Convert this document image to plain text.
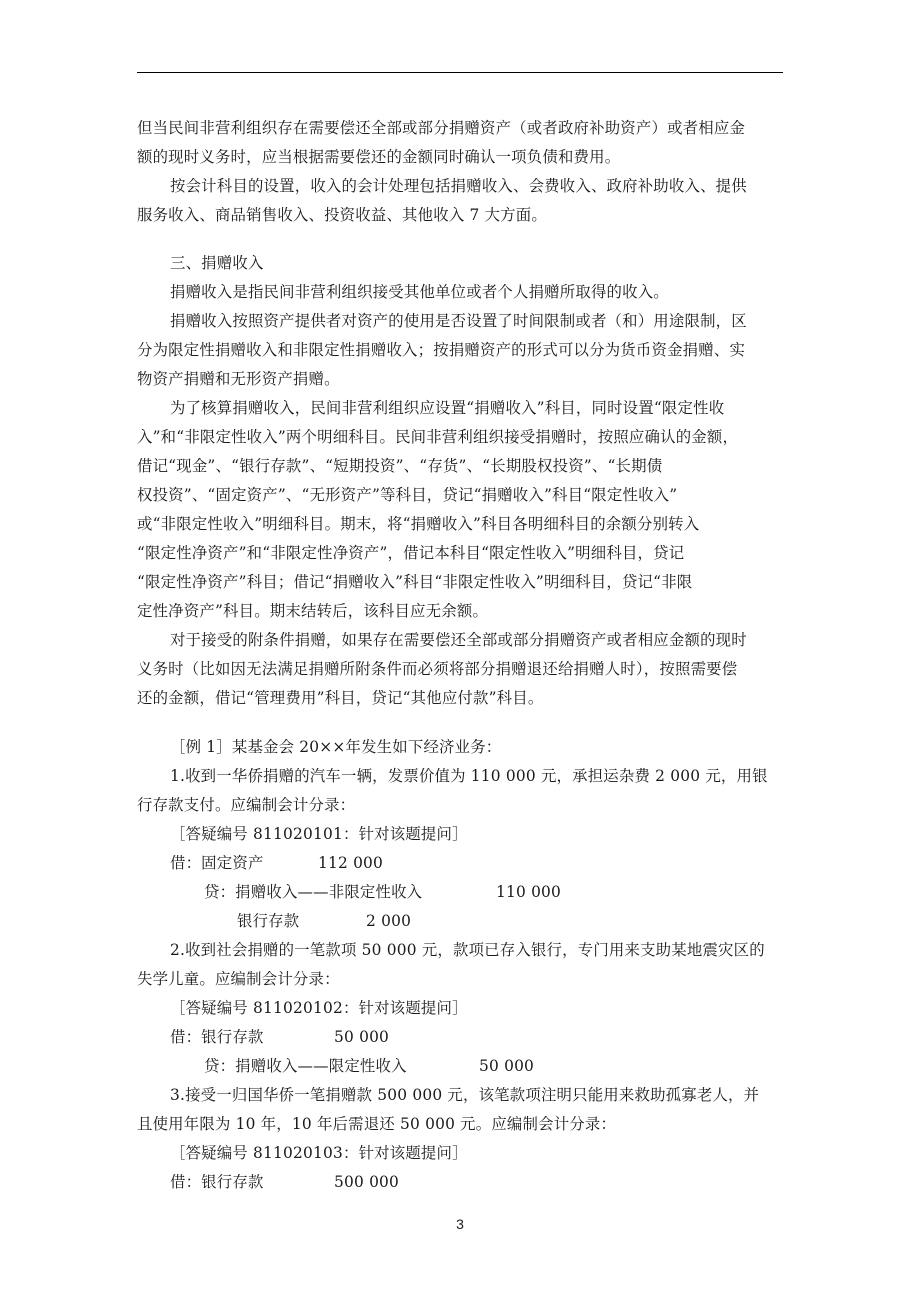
但当民间非营利组织存在需要偿还全部或部分捐赠资产（或者政府补助资产）或者相应金
额的现时义务时，应当根据需要偿还的金额同时确认一项负债和费用。
按会计科目的设置，收入的会计处理包括捐赠收入、会费收入、政府补助收入、提供
服务收入、商品销售收入、投资收益、其他收入 7 大方面。
三、捐赠收入
捐赠收入是指民间非营利组织接受其他单位或者个人捐赠所取得的收入。
捐赠收入按照资产提供者对资产的使用是否设置了时间限制或者（和）用途限制，区
分为限定性捐赠收入和非限定性捐赠收入；按捐赠资产的形式可以分为货币资金捐赠、实
物资产捐赠和无形资产捐赠。
为了核算捐赠收入，民间非营利组织应设置“捐赠收入”科目，同时设置“限定性收
入”和“非限定性收入”两个明细科目。民间非营利组织接受捐赠时，按照应确认的金额，
借记“现金”、“银行存款”、“短期投资”、“存货”、“长期股权投资”、“长期债
权投资”、“固定资产”、“无形资产”等科目，贷记“捐赠收入”科目“限定性收入”
或“非限定性收入”明细科目。期末，将“捐赠收入”科目各明细科目的余额分别转入
“限定性净资产”和“非限定性净资产”，借记本科目“限定性收入”明细科目，贷记
“限定性净资产”科目；借记“捐赠收入”科目“非限定性收入”明细科目，贷记“非限
定性净资产”科目。期末结转后，该科目应无余额。
对于接受的附条件捐赠，如果存在需要偿还全部或部分捐赠资产或者相应金额的现时
义务时（比如因无法满足捐赠所附条件而必须将部分捐赠退还给捐赠人时），按照需要偿
还的金额，借记“管理费用”科目，贷记“其他应付款”科目。
［例 1］某基金会 20××年发生如下经济业务：
1.收到一华侨捐赠的汽车一辆，发票价值为 110 000 元，承担运杂费 2 000 元，用银
行存款支付。应编制会计分录：
［答疑编号 811020101：针对该题提问］
借：固定资产	112 000
贷：捐赠收入——非限定性收入	110 000
银行存款	2 000
2.收到社会捐赠的一笔款项 50 000 元，款项已存入银行，专门用来支助某地震灾区的
失学儿童。应编制会计分录：
［答疑编号 811020102：针对该题提问］
借：银行存款	50 000
贷：捐赠收入——限定性收入	50 000
3.接受一归国华侨一笔捐赠款 500 000 元，该笔款项注明只能用来救助孤寡老人，并
且使用年限为 10 年，10 年后需退还 50 000 元。应编制会计分录：
［答疑编号 811020103：针对该题提问］
借：银行存款	500 000
3
